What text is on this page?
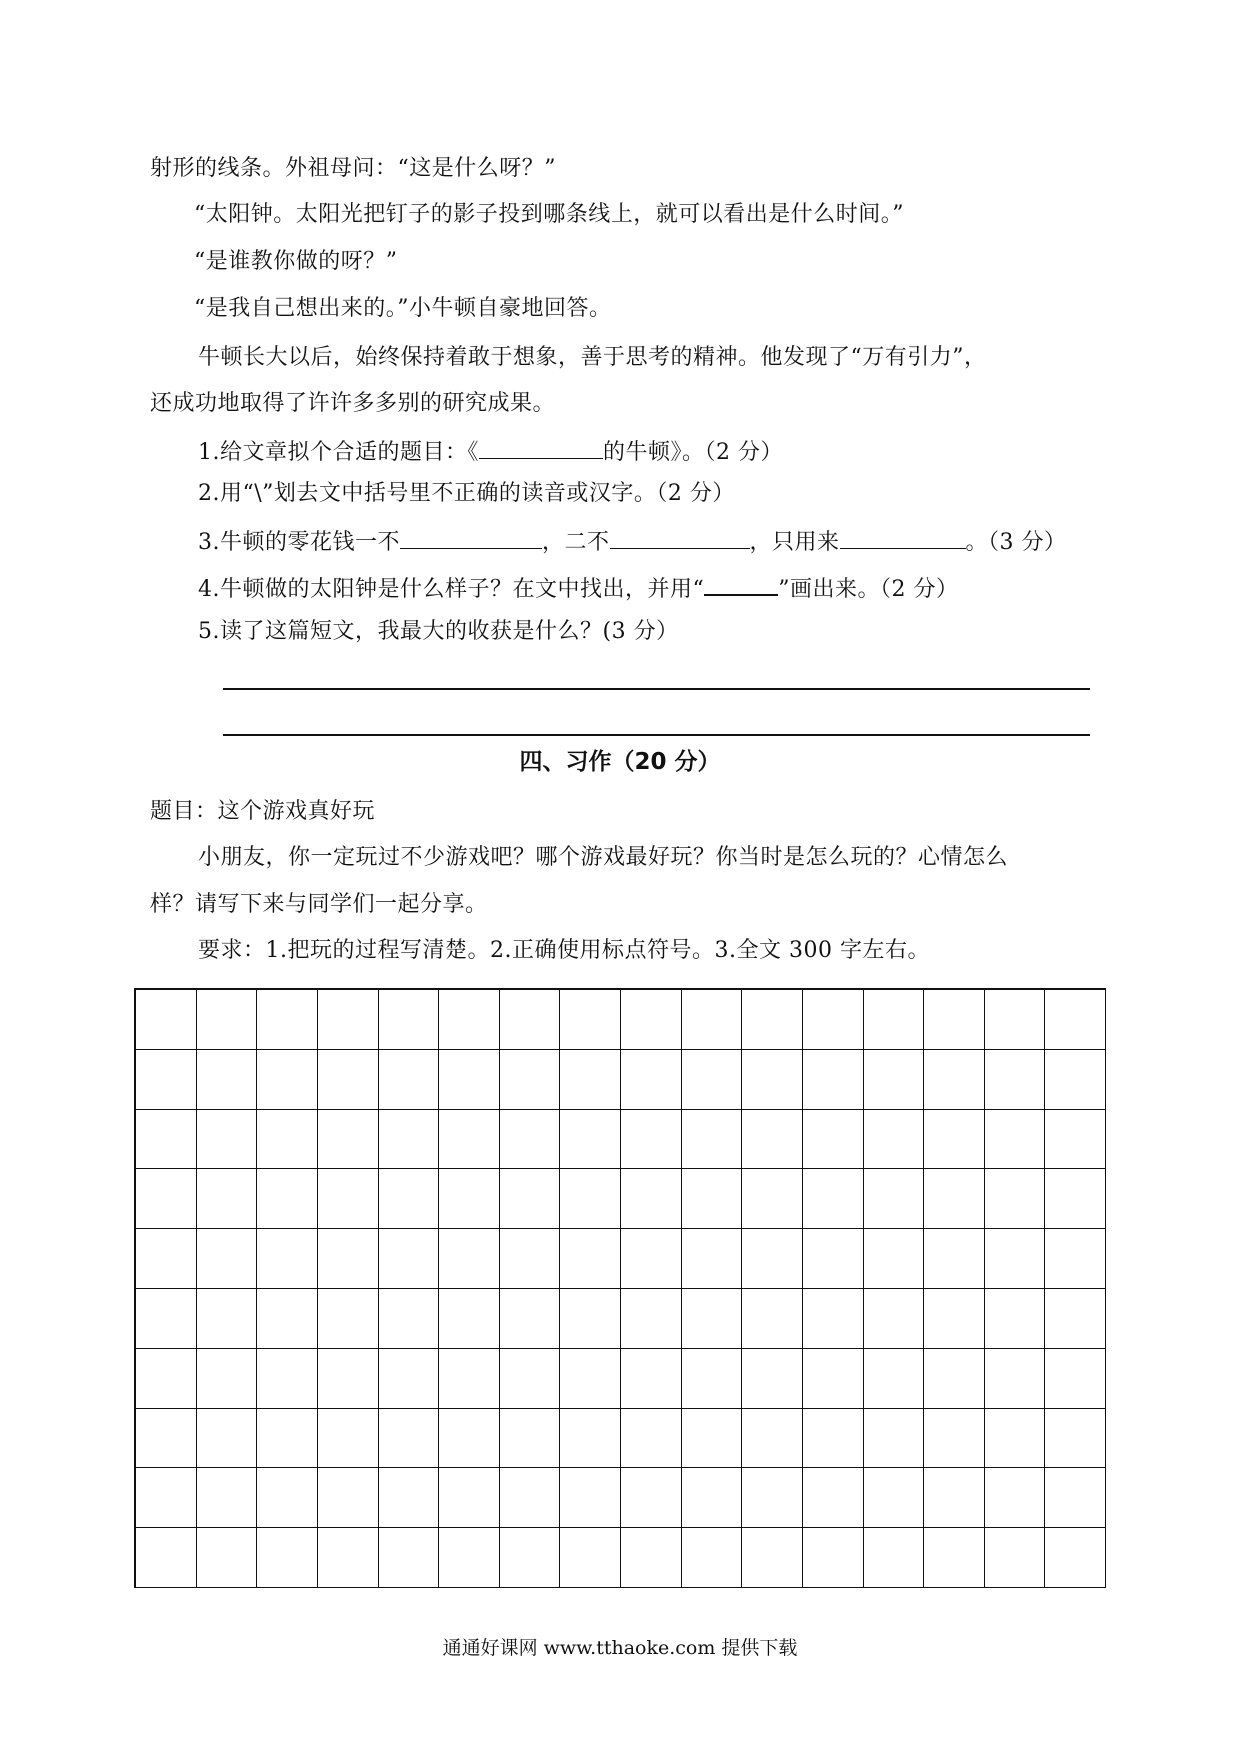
射形的线条。外祖母问：“这是什么呀？”
“太阳钟。太阳光把钉子的影子投到哪条线上，就可以看出是什么时间。”
“是谁教你做的呀？”
“是我自己想出来的。”小牛顿自豪地回答。
牛顿长大以后，始终保持着敢于想象，善于思考的精神。他发现了“万有引力”，
还成功地取得了许许多多别的研究成果。
1.给文章拟个合适的题目：《	的牛顿》。（2 分）
2.用“\”划去文中括号里不正确的读音或汉字。（2 分）
3.牛顿的零花钱一不	，二不	，只用来	。（3 分）
4.牛顿做的太阳钟是什么样子？在文中找出，并用“	”画出来。（2 分）
5.读了这篇短文，我最大的收获是什么？(3 分）
四、习作（20 分）
题目：这个游戏真好玩
小朋友，你一定玩过不少游戏吧？哪个游戏最好玩？你当时是怎么玩的？心情怎么
样？请写下来与同学们一起分享。
要求：1.把玩的过程写清楚。2.正确使用标点符号。3.全文 300 字左右。
通通好课网 www.tthaoke.com 提供下载
